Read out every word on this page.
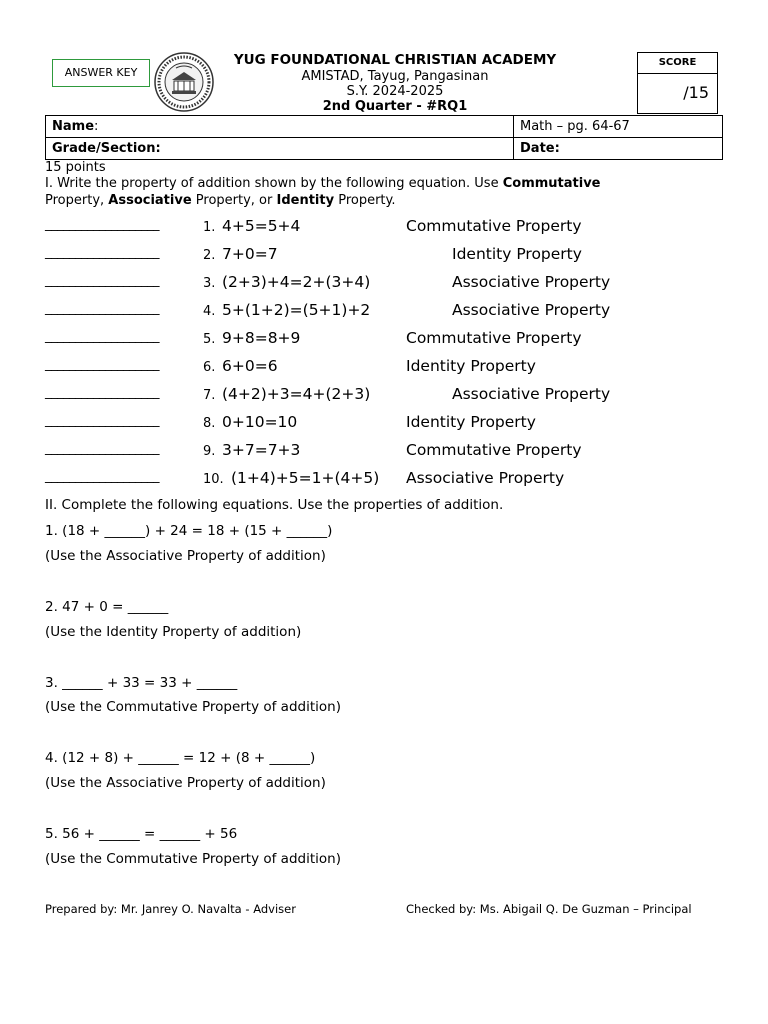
ANSWER KEY
YUG FOUNDATIONAL CHRISTIAN ACADEMY
AMISTAD, Tayug, Pangasinan
S.Y. 2024-2025
2nd Quarter - #RQ1
SCORE
/15
Name:	Math – pg. 64-67
Grade/Section:	Date:
15 points
I. Write the property of addition shown by the following equation. Use Commutative
Property, Associative Property, or Identity Property.
___________________	1. 4+5=5+4	Commutative Property
___________________	2. 7+0=7	Identity Property
___________________	3. (2+3)+4=2+(3+4)	Associative Property
___________________	4. 5+(1+2)=(5+1)+2	Associative Property
___________________	5. 9+8=8+9	Commutative Property
___________________	6. 6+0=6	Identity Property
___________________	7. (4+2)+3=4+(2+3)	Associative Property
___________________	8. 0+10=10	Identity Property
___________________	9. 3+7=7+3	Commutative Property
___________________	10. (1+4)+5=1+(4+5) Associative Property
II. Complete the following equations. Use the properties of addition.
1. (18 + ______) + 24 = 18 + (15 + ______)
(Use the Associative Property of addition)
2. 47 + 0 = ______
(Use the Identity Property of addition)
3. ______ + 33 = 33 + ______
(Use the Commutative Property of addition)
4. (12 + 8) + ______ = 12 + (8 + ______)
(Use the Associative Property of addition)
5. 56 + ______ = ______ + 56
(Use the Commutative Property of addition)
Prepared by: Mr. Janrey O. Navalta - Adviser	Checked by: Ms. Abigail Q. De Guzman – Principal
